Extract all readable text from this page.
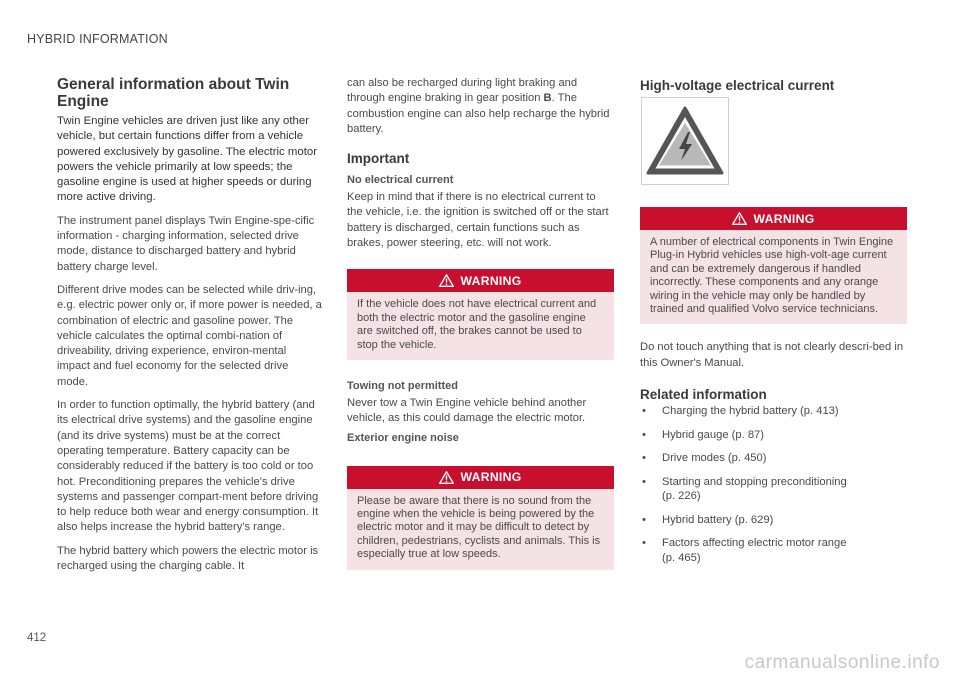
HYBRID INFORMATION
General information about Twin Engine

Twin Engine vehicles are driven just like any other vehicle, but certain functions differ from a vehicle powered exclusively by gasoline. The electric motor powers the vehicle primarily at low speeds; the gasoline engine is used at higher speeds or during more active driving.

The instrument panel displays Twin Engine-spe-cific information - charging information, selected drive mode, distance to discharged battery and hybrid battery charge level.

Different drive modes can be selected while driv-ing, e.g. electric power only or, if more power is needed, a combination of electric and gasoline power. The vehicle calculates the optimal combi-nation of driveability, driving experience, environ-mental impact and fuel economy for the selected drive mode.

In order to function optimally, the hybrid battery (and its electrical drive systems) and the gasoline engine (and its drive systems) must be at the correct operating temperature. Battery capacity can be considerably reduced if the battery is too cold or too hot. Preconditioning prepares the vehicle's drive systems and passenger compart-ment before driving to help reduce both wear and energy consumption. It also helps increase the hybrid battery's range.

The hybrid battery which powers the electric motor is recharged using the charging cable. It

can also be recharged during light braking and through engine braking in gear position B. The combustion engine can also help recharge the hybrid battery.

Important
No electrical current

Keep in mind that if there is no electrical current to the vehicle, i.e. the ignition is switched off or the start battery is discharged, certain functions such as brakes, power steering, etc. will not work.

WARNING
If the vehicle does not have electrical current and both the electric motor and the gasoline engine are switched off, the brakes cannot be used to stop the vehicle.
Towing not permitted

Never tow a Twin Engine vehicle behind another vehicle, as this could damage the electric motor.

Exterior engine noise
WARNING
Please be aware that there is no sound from the engine when the vehicle is being powered by the electric motor and it may be difficult to detect by children, pedestrians, cyclists and animals. This is especially true at low speeds.
High-voltage electrical current
WARNING
A number of electrical components in Twin Engine Plug-in Hybrid vehicles use high-volt-age current and can be extremely dangerous if handled incorrectly. These components and any orange wiring in the vehicle may only be handled by trained and qualified Volvo service technicians.

Do not touch anything that is not clearly descri-bed in this Owner's Manual.

Related information
• Charging the hybrid battery (p. 413)
• Hybrid gauge (p. 87)
• Drive modes (p. 450)
• Starting and stopping preconditioning
(p. 226)
• Hybrid battery (p. 629)
• Factors affecting electric motor range
(p. 465)
412
carmanualsonline.info
